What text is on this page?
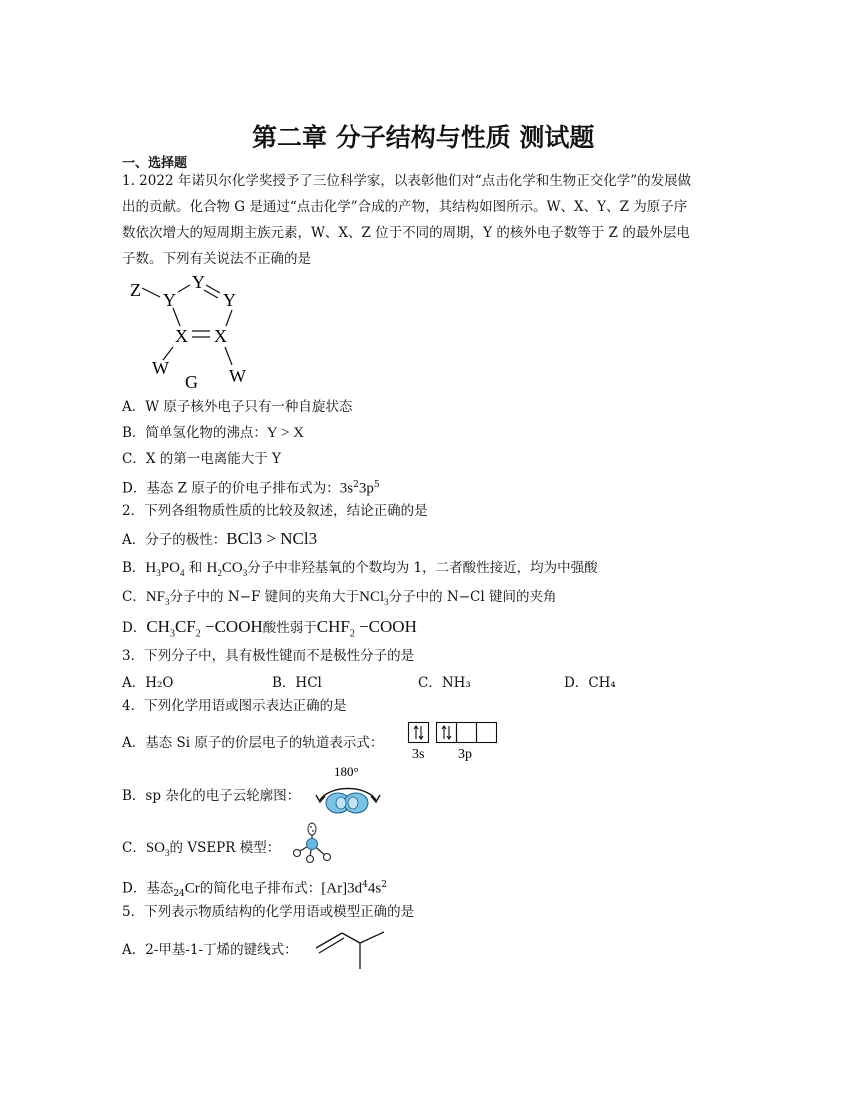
第二章 分子结构与性质 测试题
一、选择题
1. 2022 年诺贝尔化学奖授予了三位科学家，以表彰他们对“点击化学和生物正交化学”的发展做
出的贡献。化合物 G 是通过“点击化学”合成的产物，其结构如图所示。W、X、Y、Z 为原子序
数依次增大的短周期主族元素，W、X、Z 位于不同的周期，Y 的核外电子数等于 Z 的最外层电
子数。下列有关说法不正确的是
Z Y
Y
Y
X X
W	W
G
A．W 原子核外电子只有一种自旋状态
B．简单氢化物的沸点：Y > X
C．X 的第一电离能大于 Y
D．基态 Z 原子的价电子排布式为：$3s^23p^5$
2．下列各组物质性质的比较及叙述，结论正确的是
A．分子的极性：BCl3 > NCl3
B．$H_3PO_4$ 和 $H_2CO_3$分子中非羟基氧的个数均为 1，二者酸性接近，均为中强酸
C．$NF_3$分子中的 N−F 键间的夹角大于NCl$_3$分子中的 N−Cl 键间的夹角
D．$CH_3CF_2$ −COOH酸性弱于$CHF_2$ −COOH
3．下列分子中，具有极性键而不是极性分子的是
A．H₂O	B．HCl	C．NH₃	D．CH₄
4．下列化学用语或图示表达正确的是
A．基态 Si 原子的价层电子的轨道表示式：
3s 3p
B．sp 杂化的电子云轮廓图：
180°
C．$SO_3$的 VSEPR 模型：
D．基态$_{24}$Cr的简化电子排布式：$[Ar]3d^44s^2$
5．下列表示物质结构的化学用语或模型正确的是
A．2-甲基-1-丁烯的键线式：
